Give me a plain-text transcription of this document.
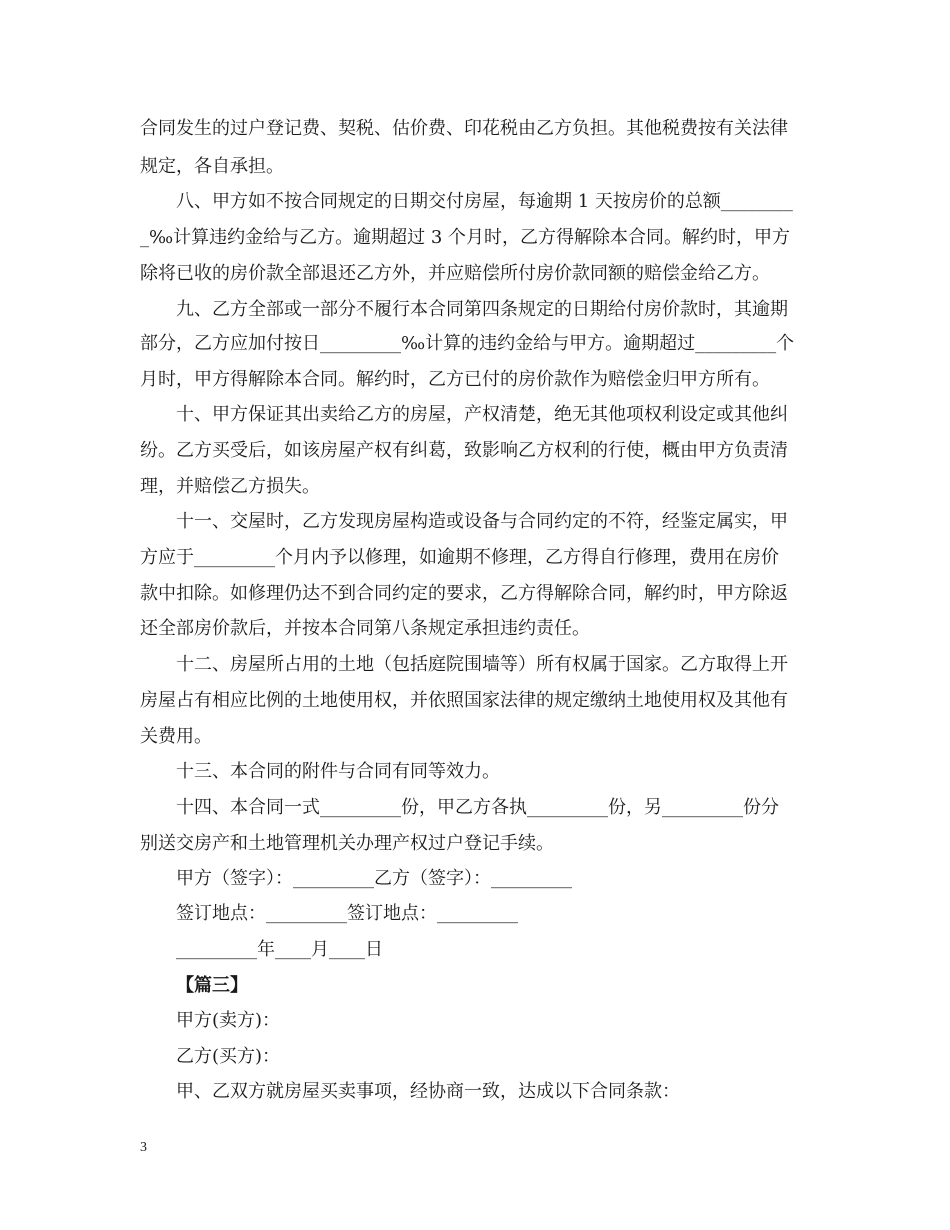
合同发生的过户登记费、契税、估价费、印花税由乙方负担。其他税费按有关法律
规定，各自承担。
八、甲方如不按合同规定的日期交付房屋，每逾期 1 天按房价的总额________
_‰计算违约金给与乙方。逾期超过 3 个月时，乙方得解除本合同。解约时，甲方
除将已收的房价款全部退还乙方外，并应赔偿所付房价款同额的赔偿金给乙方。
九、乙方全部或一部分不履行本合同第四条规定的日期给付房价款时，其逾期
部分，乙方应加付按日_________‰计算的违约金给与甲方。逾期超过_________个
月时，甲方得解除本合同。解约时，乙方已付的房价款作为赔偿金归甲方所有。
十、甲方保证其出卖给乙方的房屋，产权清楚，绝无其他项权利设定或其他纠
纷。乙方买受后，如该房屋产权有纠葛，致影响乙方权利的行使，概由甲方负责清
理，并赔偿乙方损失。
十一、交屋时，乙方发现房屋构造或设备与合同约定的不符，经鉴定属实，甲
方应于_________个月内予以修理，如逾期不修理，乙方得自行修理，费用在房价
款中扣除。如修理仍达不到合同约定的要求，乙方得解除合同，解约时，甲方除返
还全部房价款后，并按本合同第八条规定承担违约责任。
十二、房屋所占用的土地（包括庭院围墙等）所有权属于国家。乙方取得上开
房屋占有相应比例的土地使用权，并依照国家法律的规定缴纳土地使用权及其他有
关费用。
十三、本合同的附件与合同有同等效力。
十四、本合同一式_________份，甲乙方各执_________份，另_________份分
别送交房产和土地管理机关办理产权过户登记手续。
甲方（签字）：_________乙方（签字）：_________
签订地点：_________签订地点：_________
_________年____月____日
【篇三】
甲方(卖方)：
乙方(买方)：
甲、乙双方就房屋买卖事项，经协商一致，达成以下合同条款：
3
